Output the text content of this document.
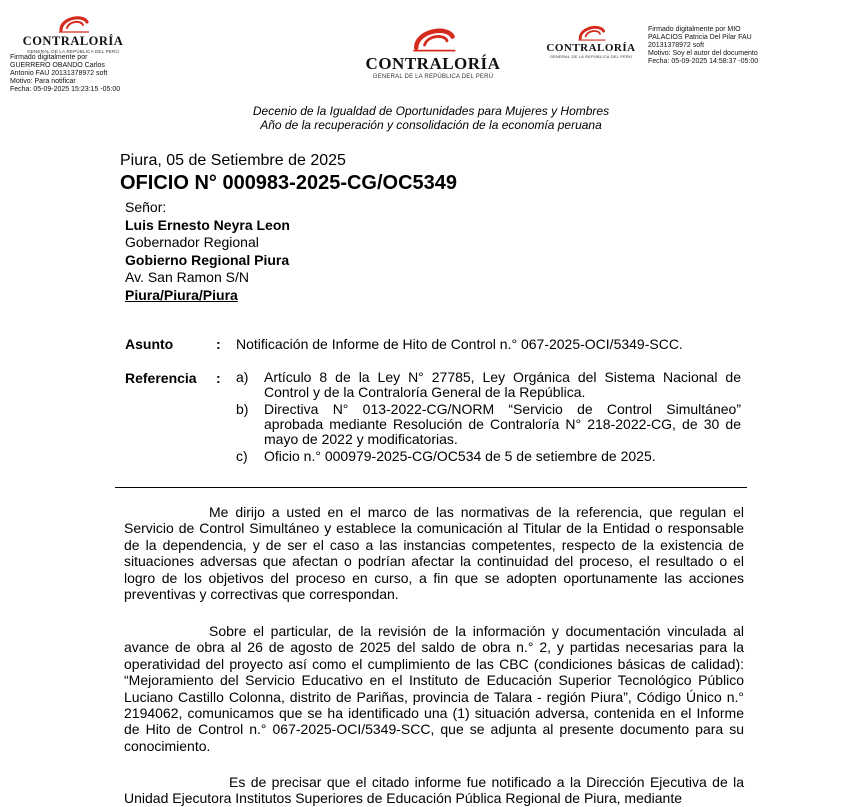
CONTRALORÍA
GENERAL DE LA REPÚBLICA DEL PERÚ
Firmado digitalmente por
GUERRERO OBANDO Carlos
Antonio FAU 20131378972 soft
Motivo: Para notificar
Fecha: 05-09-2025 15:23:15 -05:00
CONTRALORÍA
GENERAL DE LA REPÚBLICA DEL PERÚ
CONTRALORÍA
GENERAL DE LA REPÚBLICA DEL PERÚ
Firmado digitalmente por MIO
PALACIOS Patricia Del Pilar FAU
20131378972 soft
Motivo: Soy el autor del documento
Fecha: 05-09-2025 14:58:37 -05:00
Decenio de la Igualdad de Oportunidades para Mujeres y Hombres
Año de la recuperación y consolidación de la economía peruana
Piura, 05 de Setiembre de 2025
OFICIO N° 000983-2025-CG/OC5349
Señor:
Luis Ernesto Neyra Leon
Gobernador Regional
Gobierno Regional Piura
Av. San Ramon S/N
Piura/Piura/Piura
Asunto	: Notificación de Informe de Hito de Control n.° 067-2025-OCI/5349-SCC.
Referencia : a)	Artículo 8 de la Ley N° 27785, Ley Orgánica del Sistema Nacional de Control y de la Contraloría General de la República.
b)	Directiva N° 013-2022-CG/NORM “Servicio de Control Simultáneo” aprobada mediante Resolución de Contraloría N° 218-2022-CG, de 30 de mayo de 2022 y modificatorias.
c)	Oficio n.° 000979-2025-CG/OC534 de 5 de setiembre de 2025.
Me dirijo a usted en el marco de las normativas de la referencia, que regulan el Servicio de Control Simultáneo y establece la comunicación al Titular de la Entidad o responsable de la dependencia, y de ser el caso a las instancias competentes, respecto de la existencia de situaciones adversas que afectan o podrían afectar la continuidad del proceso, el resultado o el logro de los objetivos del proceso en curso, a fin que se adopten oportunamente las acciones preventivas y correctivas que correspondan.
Sobre el particular, de la revisión de la información y documentación vinculada al avance de obra al 26 de agosto de 2025 del saldo de obra n.° 2, y partidas necesarias para la operatividad del proyecto así como el cumplimiento de las CBC (condiciones básicas de calidad): “Mejoramiento del Servicio Educativo en el Instituto de Educación Superior Tecnológico Público Luciano Castillo Colonna, distrito de Pariñas, provincia de Talara - región Piura”, Código Único n.° 2194062, comunicamos que se ha identificado una (1) situación adversa, contenida en el Informe de Hito de Control n.° 067-2025-OCI/5349-SCC, que se adjunta al presente documento para su conocimiento.
Es de precisar que el citado informe fue notificado a la Dirección Ejecutiva de la Unidad Ejecutora Institutos Superiores de Educación Pública Regional de Piura, mediante
